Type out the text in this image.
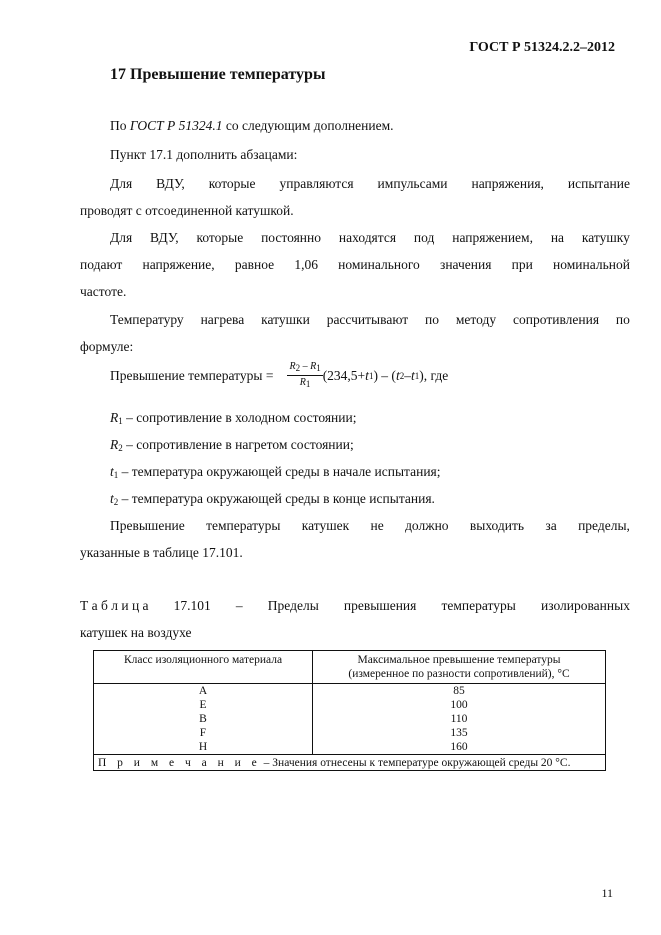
ГОСТ Р 51324.2.2–2012
17 Превышение температуры
По ГОСТ Р 51324.1 со следующим дополнением.
Пункт 17.1 дополнить абзацами:
Для ВДУ, которые управляются импульсами напряжения, испытание
проводят с отсоединенной катушкой.
Для ВДУ, которые постоянно находятся под напряжением, на катушку
подают напряжение, равное 1,06 номинального значения при номинальной
частоте.
Температуру нагрева катушки рассчитывают по методу сопротивления по
формуле:
Превышение температуры = $\frac{R_2 - R_1}{R_1} (234,5+ t$ 1 ) – ( t 2 – t 1 ), где
$R_1$ – сопротивление в холодном состоянии;
$R_2$ – сопротивление в нагретом состоянии;
$t_1$ – температура окружающей среды в начале испытания;
$t_2$ – температура окружающей среды в конце испытания.
Превышение температуры катушек не должно выходить за пределы,
указанные в таблице 17.101.
Т а б л и ц а 17.101 – Пределы превышения температуры изолированных
катушек на воздухе
Класс изоляционного материала	Максимальное превышение температуры
(измеренное по разности сопротивлений), °С

A	85
E	100
B	110
F	135
H	160
П р и м е ч а н и е – Значения отнесены к температуре окружающей среды 20 °С.	
11
